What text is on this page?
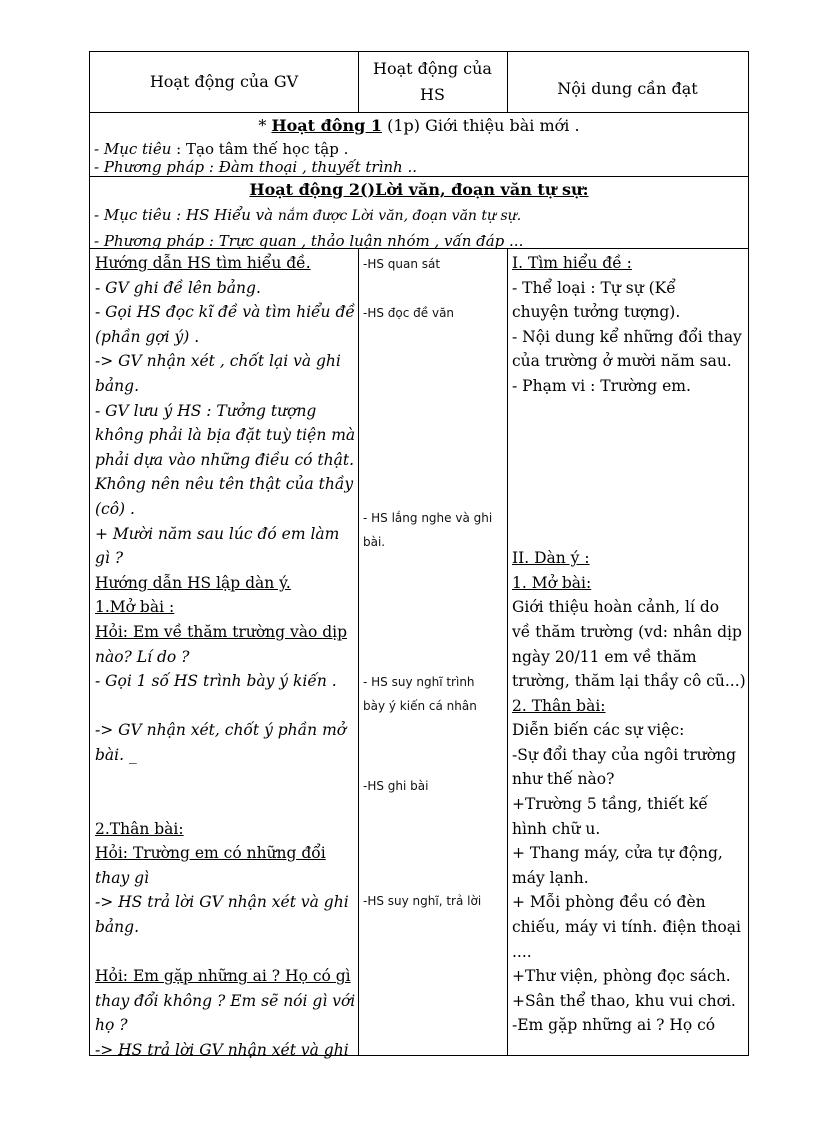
Hoạt động của GV
Hoạt động của
HS	Nội dung cần đạt
* Hoạt đông 1 (1p) Giới thiệu bài mới .
- Mục tiêu : Tạo tâm thế học tập .
- Phương pháp : Đàm thoại , thuyết trình ..
Hoạt động 2()Lời văn, đoạn văn tự sự:
- Mục tiêu : HS Hiểu và nắm được Lời văn, đoạn văn tự sự.
- Phương pháp : Trực quan , thảo luận nhóm , vấn đáp ...
Hướng dẫn HS tìm hiểu đề.
- GV ghi đề lên bảng.
- Gọi HS đọc kĩ đề và tìm hiểu đề
(phần gợi ý) .
-> GV nhận xét , chốt lại và ghi
bảng.
- GV lưu ý HS : Tưởng tượng
không phải là bịa đặt tuỳ tiện mà
phải dựa vào những điều có thật.
Không nên nêu tên thật của thầy
(cô) .
+ Mười năm sau lúc đó em làm
gì ?
Hướng dẫn HS lập dàn ý.
1.Mở bài :
Hỏi: Em về thăm trường vào dịp
nào? Lí do ?
- Gọi 1 số HS trình bày ý kiến .

-> GV nhận xét, chốt ý phần mở
bài. _

2.Thân bài:
Hỏi: Trường em có những đổi
thay gì
-> HS trả lời GV nhận xét và ghi
bảng.

Hỏi: Em gặp những ai ? Họ có gì
thay đổi không ? Em sẽ nói gì với
họ ?
-> HS trả lời GV nhận xét và ghi
-HS quan sát
-HS đọc đề văn
- HS lắng nghe và ghi
bài.
- HS suy nghĩ trình
bày ý kiến cá nhân
-HS ghi bài
-HS suy nghĩ, trả lời
I. Tìm hiểu đề :
- Thể loại : Tự sự (Kể
chuyện tưởng tượng).
- Nội dung kể những đổi thay
của trường ở mười năm sau.
- Phạm vi : Trường em.

II. Dàn ý :
1. Mở bài:
Giới thiệu hoàn cảnh, lí do
về thăm trường (vd: nhân dịp
ngày 20/11 em về thăm
trường, thăm lại thầy cô cũ...)
2. Thân bài:
Diễn biến các sự việc:
-Sự đổi thay của ngôi trường
như thế nào?
+Trường 5 tầng, thiết kế
hình chữ u.
+ Thang máy, cửa tự động,
máy lạnh.
+ Mỗi phòng đều có đèn
chiếu, máy vi tính. điện thoại
....
+Thư viện, phòng đọc sách.
+Sân thể thao, khu vui chơi.
-Em gặp những ai ? Họ có
